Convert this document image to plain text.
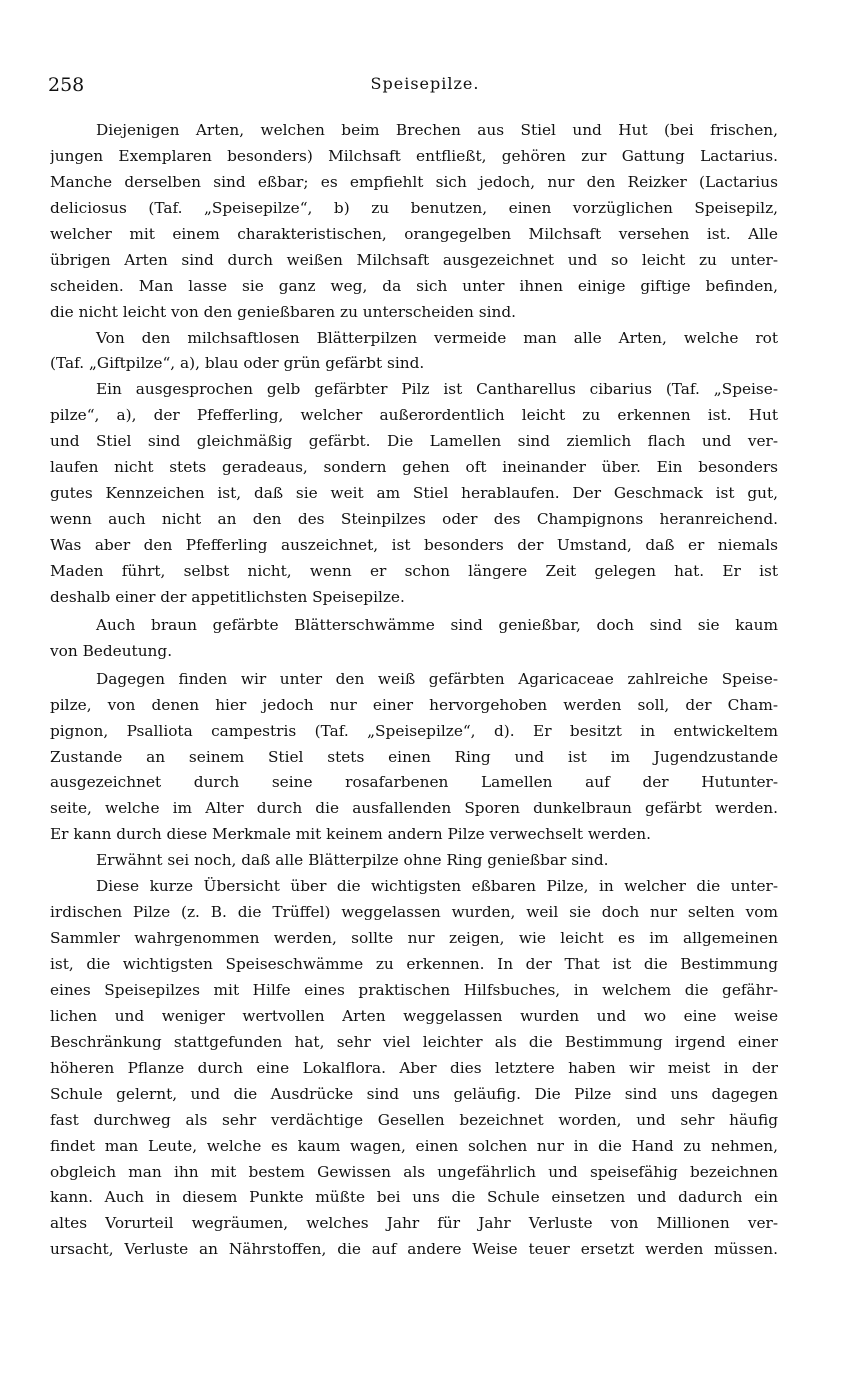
258	Speisepilze.
Diejenigen Arten, welchen beim Brechen aus Stiel und Hut (bei frischen,
jungen Exemplaren besonders) Milchsaft entfließt, gehören zur Gattung Lactarius.
Manche derselben sind eßbar; es empfiehlt sich jedoch, nur den Reizker (Lactarius
deliciosus (Taf. „Speisepilze“, b) zu benutzen, einen vorzüglichen Speisepilz,
welcher mit einem charakteristischen, orangegelben Milchsaft versehen ist. Alle
übrigen Arten sind durch weißen Milchsaft ausgezeichnet und so leicht zu unter-
scheiden. Man lasse sie ganz weg, da sich unter ihnen einige giftige befinden,
die nicht leicht von den genießbaren zu unterscheiden sind.
Von den milchsaftlosen Blätterpilzen vermeide man alle Arten, welche rot
(Taf. „Giftpilze“, a), blau oder grün gefärbt sind.
Ein ausgesprochen gelb gefärbter Pilz ist Cantharellus cibarius (Taf. „Speise-
pilze“, a), der Pfefferling, welcher außerordentlich leicht zu erkennen ist. Hut
und Stiel sind gleichmäßig gefärbt. Die Lamellen sind ziemlich flach und ver-
laufen nicht stets geradeaus, sondern gehen oft ineinander über. Ein besonders
gutes Kennzeichen ist, daß sie weit am Stiel herablaufen. Der Geschmack ist gut,
wenn auch nicht an den des Steinpilzes oder des Champignons heranreichend.
Was aber den Pfefferling auszeichnet, ist besonders der Umstand, daß er niemals
Maden führt, selbst nicht, wenn er schon längere Zeit gelegen hat. Er ist
deshalb einer der appetitlichsten Speisepilze.
Auch braun gefärbte Blätterschwämme sind genießbar, doch sind sie kaum
von Bedeutung.
Dagegen finden wir unter den weiß gefärbten Agaricaceae zahlreiche Speise-
pilze, von denen hier jedoch nur einer hervorgehoben werden soll, der Cham-
pignon, Psalliota campestris (Taf. „Speisepilze“, d). Er besitzt in entwickeltem
Zustande an seinem Stiel stets einen Ring und ist im Jugendzustande
ausgezeichnet durch seine rosafarbenen Lamellen auf der Hutunter-
seite, welche im Alter durch die ausfallenden Sporen dunkelbraun gefärbt werden.
Er kann durch diese Merkmale mit keinem andern Pilze verwechselt werden.
Erwähnt sei noch, daß alle Blätterpilze ohne Ring genießbar sind.
Diese kurze Übersicht über die wichtigsten eßbaren Pilze, in welcher die unter-
irdischen Pilze (z. B. die Trüffel) weggelassen wurden, weil sie doch nur selten vom
Sammler wahrgenommen werden, sollte nur zeigen, wie leicht es im allgemeinen
ist, die wichtigsten Speiseschwämme zu erkennen. In der That ist die Bestimmung
eines Speisepilzes mit Hilfe eines praktischen Hilfsbuches, in welchem die gefähr-
lichen und weniger wertvollen Arten weggelassen wurden und wo eine weise
Beschränkung stattgefunden hat, sehr viel leichter als die Bestimmung irgend einer
höheren Pflanze durch eine Lokalflora. Aber dies letztere haben wir meist in der
Schule gelernt, und die Ausdrücke sind uns geläufig. Die Pilze sind uns dagegen
fast durchweg als sehr verdächtige Gesellen bezeichnet worden, und sehr häufig
findet man Leute, welche es kaum wagen, einen solchen nur in die Hand zu nehmen,
obgleich man ihn mit bestem Gewissen als ungefährlich und speisefähig bezeichnen
kann. Auch in diesem Punkte müßte bei uns die Schule einsetzen und dadurch ein
altes Vorurteil wegräumen, welches Jahr für Jahr Verluste von Millionen ver-
ursacht, Verluste an Nährstoffen, die auf andere Weise teuer ersetzt werden müssen.
